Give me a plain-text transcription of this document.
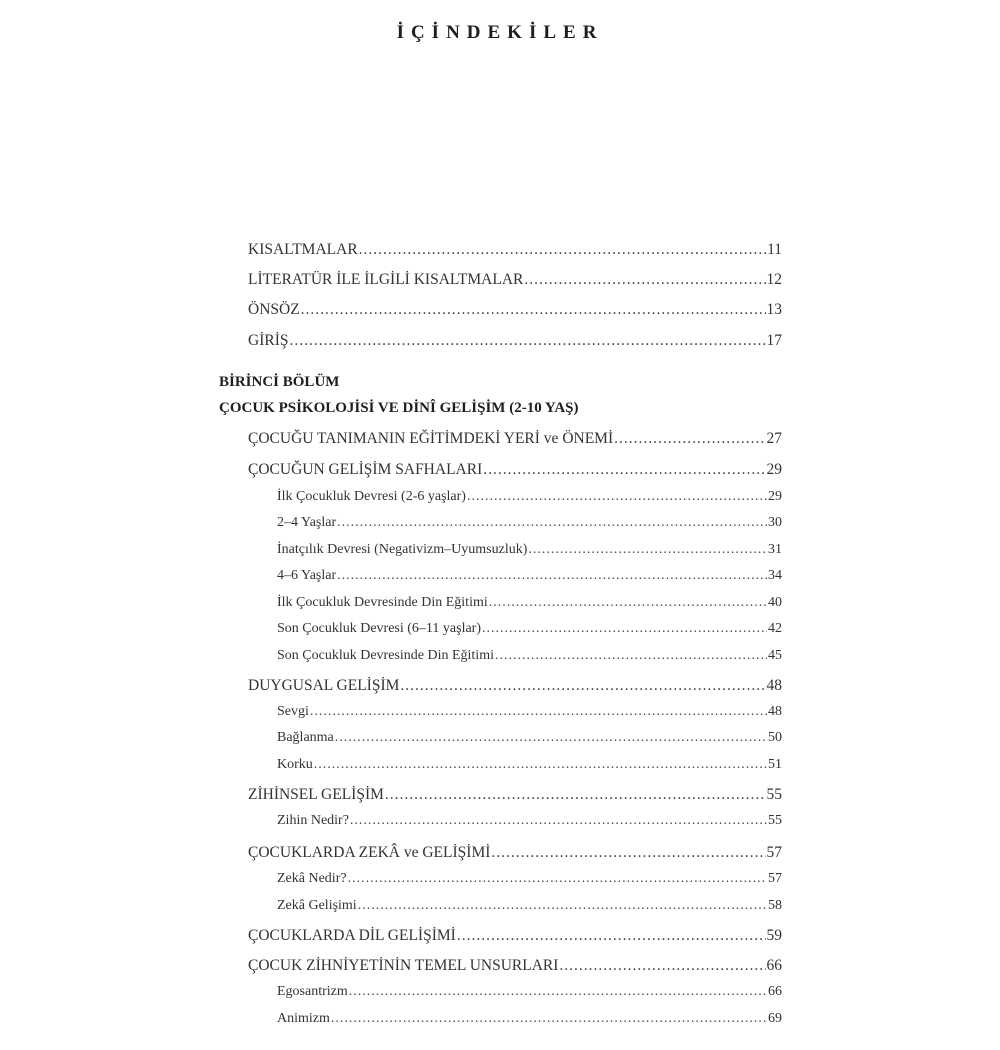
İÇİNDEKİLER
KISALTMALAR .....	11
LİTERATÜR İLE İLGİLİ KISALTMALAR .....	12
ÖNSÖZ .....	13
GİRİŞ .....	17
BİRİNCİ BÖLÜM
ÇOCUK PSİKOLOJİSİ VE DİNÎ GELİŞİM (2-10 YAŞ)
ÇOCUĞU TANIMANIN EĞİTİMDEKİ YERİ ve ÖNEMİ .....	27
ÇOCUĞUN GELİŞİM SAFHALARI .....	29
İlk Çocukluk Devresi (2-6 yaşlar) .....	29
2–4 Yaşlar .....	30
İnatçılık Devresi (Negativizm–Uyumsuzluk) .....	31
4–6 Yaşlar .....	34
İlk Çocukluk Devresinde Din Eğitimi .....	40
Son Çocukluk Devresi (6–11 yaşlar) .....	42
Son Çocukluk Devresinde Din Eğitimi .....	45
DUYGUSAL GELİŞİM .....	48
Sevgi .....	48
Bağlanma .....	50
Korku .....	51
ZİHİNSEL GELİŞİM .....	55
Zihin Nedir? .....	55
ÇOCUKLARDA ZEKÂ ve GELİŞİMİ .....	57
Zekâ Nedir? .....	57
Zekâ Gelişimi .....	58
ÇOCUKLARDA DİL GELİŞİMİ .....	59
ÇOCUK ZİHNİYETİNİN TEMEL UNSURLARI .....	66
Egosantrizm .....	66
Animizm .....	69
